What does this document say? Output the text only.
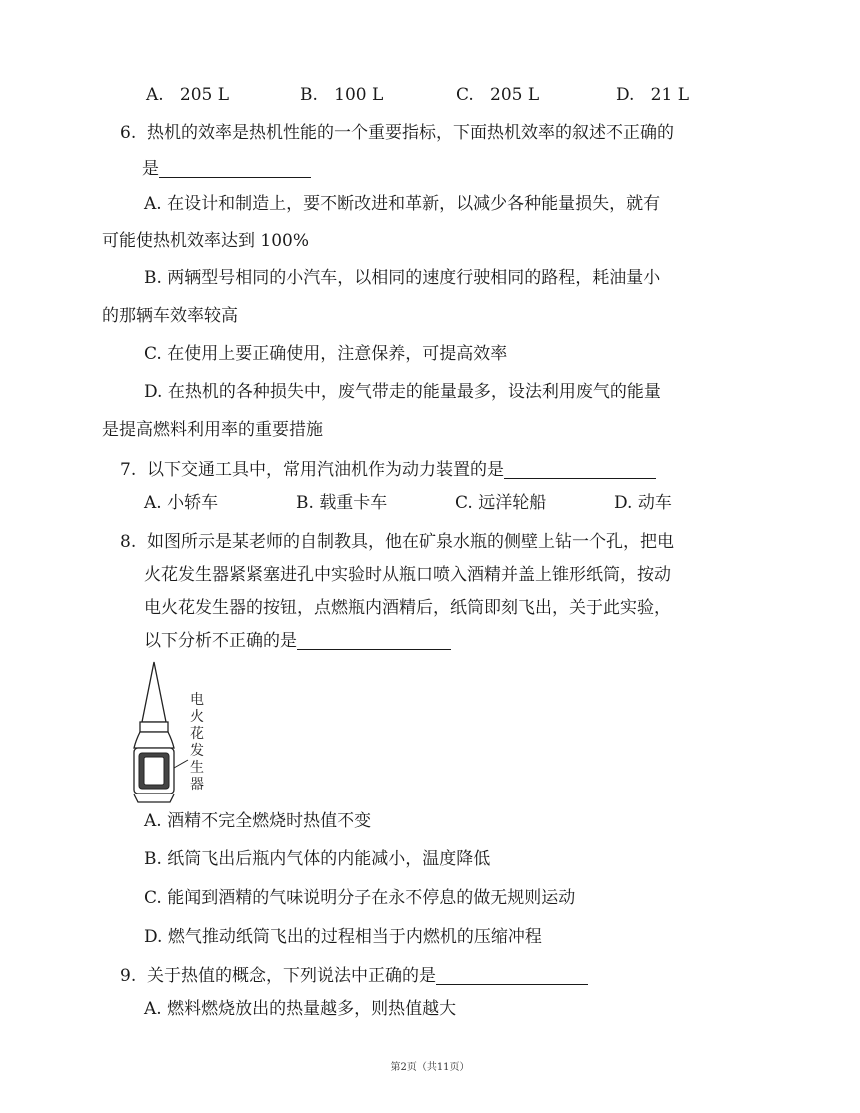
A. 205 L	B. 100 L	C. 205 L	D. 21 L
6. 热机的效率是热机性能的一个重要指标，下面热机效率的叙述不正确的
是
A. 在设计和制造上，要不断改进和革新，以减少各种能量损失，就有
可能使热机效率达到 100%
B. 两辆型号相同的小汽车，以相同的速度行驶相同的路程，耗油量小
的那辆车效率较高
C. 在使用上要正确使用，注意保养，可提高效率
D. 在热机的各种损失中，废气带走的能量最多，设法利用废气的能量
是提高燃料利用率的重要措施
7. 以下交通工具中，常用汽油机作为动力装置的是
A. 小轿车	B. 载重卡车	C. 远洋轮船	D. 动车
8. 如图所示是某老师的自制教具，他在矿泉水瓶的侧壁上钻一个孔，把电
火花发生器紧紧塞进孔中实验时从瓶口喷入酒精并盖上锥形纸筒，按动
电火花发生器的按钮，点燃瓶内酒精后，纸筒即刻飞出，关于此实验，
以下分析不正确的是
电火花发生器
A. 酒精不完全燃烧时热值不变
B. 纸筒飞出后瓶内气体的内能减小，温度降低
C. 能闻到酒精的气味说明分子在永不停息的做无规则运动
D. 燃气推动纸筒飞出的过程相当于内燃机的压缩冲程
9. 关于热值的概念，下列说法中正确的是
A. 燃料燃烧放出的热量越多，则热值越大
第2页（共11页）
